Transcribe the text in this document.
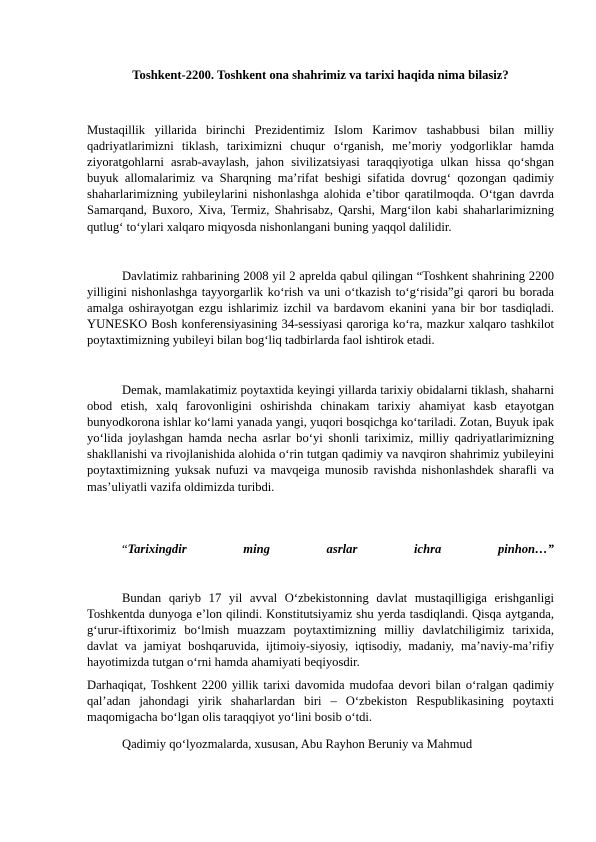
Toshkent-2200. Toshkent ona shahrimiz va tarixi haqida nima bilasiz?

Mustaqillik yillarida birinchi Prezidentimiz Islom Karimov tashabbusi bilan milliy qadriyatlarimizni tiklash, tariximizni chuqur o‘rganish, me’moriy yodgorliklar hamda ziyoratgohlarni asrab-avaylash, jahon sivilizatsiyasi taraqqiyotiga ulkan hissa qo‘shgan buyuk allomalarimiz va Sharqning ma’rifat beshigi sifatida dovrug‘ qozongan qadimiy shaharlarimizning yubileylarini nishonlashga alohida e’tibor qaratilmoqda. O‘tgan davrda Samarqand, Buxoro, Xiva, Termiz, Shahrisabz, Qarshi, Marg‘ilon kabi shaharlarimizning qutlug‘ to‘ylari xalqaro miqyosda nishonlangani buning yaqqol dalilidir.

Davlatimiz rahbarining 2008 yil 2 aprelda qabul qilingan “Toshkent shahrining 2200 yilligini nishonlashga tayyorgarlik ko‘rish va uni o‘tkazish to‘g‘risida”gi qarori bu borada amalga oshirayotgan ezgu ishlarimiz izchil va bardavom ekanini yana bir bor tasdiqladi. YUNESKO Bosh konferensiyasining 34-sessiyasi qaroriga ko‘ra, mazkur xalqaro tashkilot poytaxtimizning yubileyi bilan bog‘liq tadbirlarda faol ishtirok etadi.

Demak, mamlakatimiz poytaxtida keyingi yillarda tarixiy obidalarni tiklash, shaharni obod etish, xalq farovonligini oshirishda chinakam tarixiy ahamiyat kasb etayotgan bunyodkorona ishlar ko‘lami yanada yangi, yuqori bosqichga ko‘tariladi. Zotan, Buyuk ipak yo‘lida joylashgan hamda necha asrlar bo‘yi shonli tariximiz, milliy qadriyatlarimizning shakllanishi va rivojlanishida alohida o‘rin tutgan qadimiy va navqiron shahrimiz yubileyini poytaxtimizning yuksak nufuzi va mavqeiga munosib ravishda nishonlashdek sharafli va mas’uliyatli vazifa oldimizda turibdi.

“Tarixingdir	ming	asrlar	ichra	pinhon…”

Bundan qariyb 17 yil avval O‘zbekistonning davlat mustaqilligiga erishganligi Toshkentda dunyoga e’lon qilindi. Konstitutsiyamiz shu yerda tasdiqlandi. Qisqa aytganda, g‘urur-iftixorimiz bo‘lmish muazzam poytaxtimizning milliy davlatchiligimiz tarixida, davlat va jamiyat boshqaruvida, ijtimoiy-siyosiy, iqtisodiy, madaniy, ma’naviy-ma’rifiy hayotimizda tutgan o‘rni hamda ahamiyati beqiyosdir.

Darhaqiqat, Toshkent 2200 yillik tarixi davomida mudofaa devori bilan o‘ralgan qadimiy qal’adan jahondagi yirik shaharlardan biri – O‘zbekiston Respublikasining poytaxti maqomigacha bo‘lgan olis taraqqiyot yo‘lini bosib o‘tdi.

Qadimiy qo‘lyozmalarda, xususan, Abu Rayhon Beruniy va Mahmud
